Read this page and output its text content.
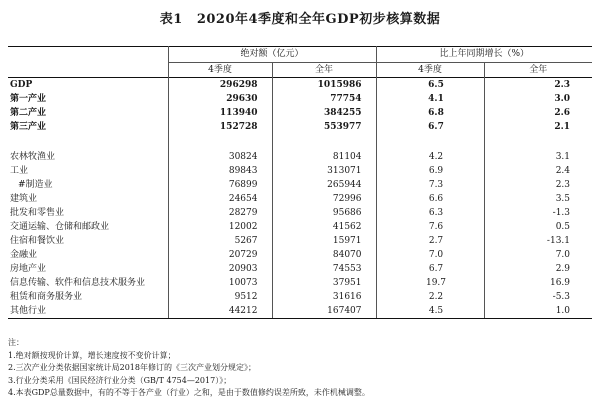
表1 2020年4季度和全年GDP初步核算数据
	绝对额（亿元）		比上年同期增长（%）	
	4季度	全年	4季度	全年
GDP	296298	1015986	6.5	2.3
第一产业	29630	77754	4.1	3.0
第二产业	113940	384255	6.8	2.6
第三产业	152728	553977	6.7	2.1

农林牧渔业	30824	81104	4.2	3.1
工业	89843	313071	6.9	2.4
#制造业	76899	265944	7.3	2.3
建筑业	24654	72996	6.6	3.5
批发和零售业	28279	95686	6.3	-1.3
交通运输、仓储和邮政业	12002	41562	7.6	0.5
住宿和餐饮业	5267	15971	2.7	-13.1
金融业	20729	84070	7.0	7.0
房地产业	20903	74553	6.7	2.9
信息传输、软件和信息技术服务业	10073	37951	19.7	16.9
租赁和商务服务业	9512	31616	2.2	-5.3
其他行业	44212	167407	4.5	1.0
注：
1.绝对额按现价计算，增长速度按不变价计算；
2.三次产业分类依据国家统计局2018年修订的《三次产业划分规定》；
3.行业分类采用《国民经济行业分类（GB/T 4754—2017）》；
4.本表GDP总量数据中，有的不等于各产业（行业）之和，是由于数值修约误差所致，未作机械调整。
